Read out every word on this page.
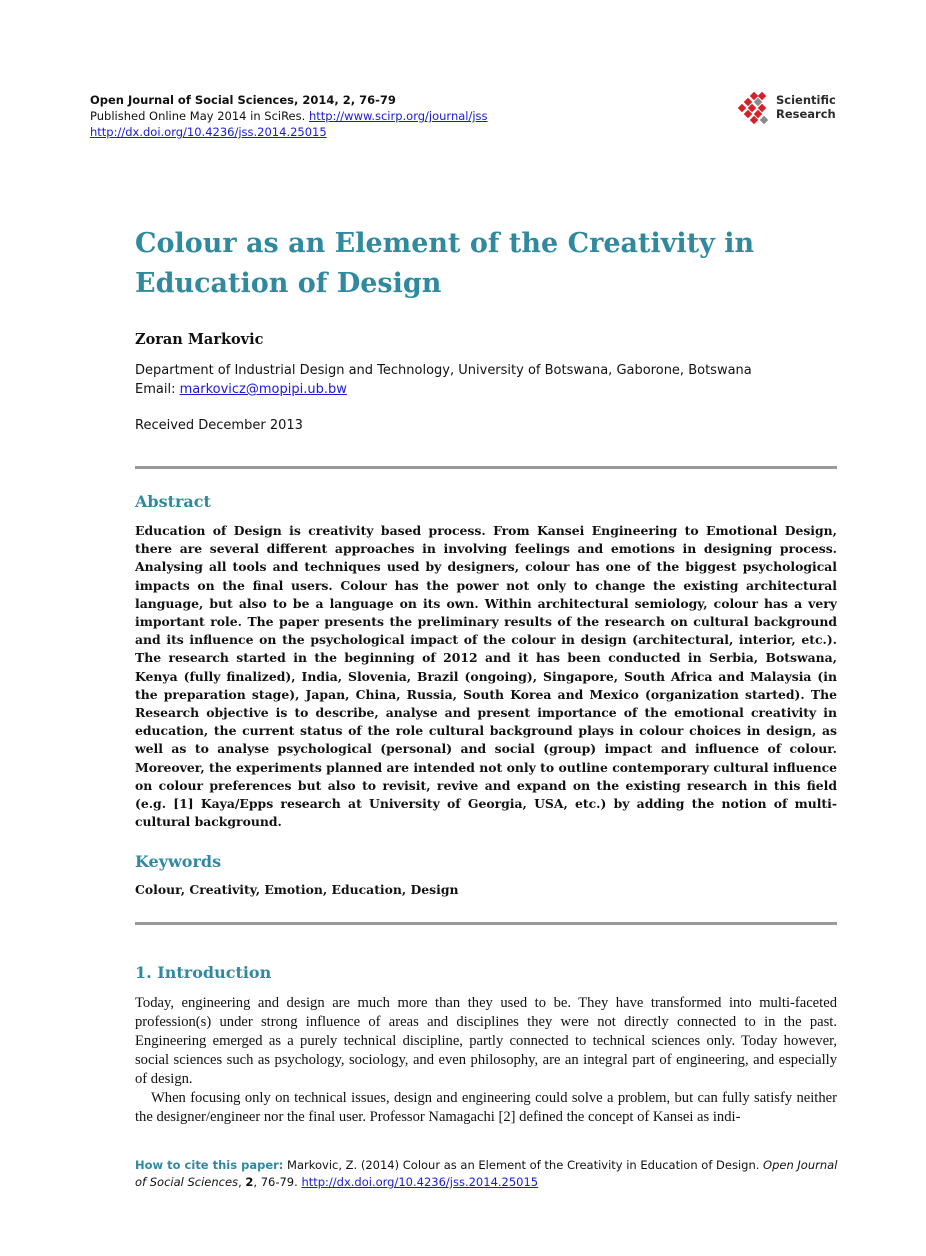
Open Journal of Social Sciences, 2014, 2, 76-79
Published Online May 2014 in SciRes. http://www.scirp.org/journal/jss
http://dx.doi.org/10.4236/jss.2014.25015
Scientific
Research
Colour as an Element of the Creativity in
Education of Design
Zoran Markovic
Department of Industrial Design and Technology, University of Botswana, Gaborone, Botswana
Email: markovicz@mopipi.ub.bw
Received December 2013
Abstract

Education of Design is creativity based process. From Kansei Engineering to Emotional Design, there are several different approaches in involving feelings and emotions in designing process. Analysing all tools and techniques used by designers, colour has one of the biggest psychological impacts on the final users. Colour has the power not only to change the existing architectural language, but also to be a language on its own. Within architectural semiology, colour has a very important role. The paper presents the preliminary results of the research on cultural background and its influence on the psychological impact of the colour in design (architectural, interior, etc.). The research started in the beginning of 2012 and it has been conducted in Serbia, Botswana, Kenya (fully finalized), India, Slovenia, Brazil (ongoing), Singapore, South Africa and Malaysia (in the preparation stage), Japan, China, Russia, South Korea and Mexico (organization started). The Research objective is to describe, analyse and present importance of the emotional creativity in education, the current status of the role cultural background plays in colour choices in design, as well as to analyse psychological (personal) and social (group) impact and influence of colour. Moreover, the experiments planned are intended not only to outline contemporary cultural influence on colour preferences but also to revisit, revive and expand on the existing research in this field (e.g. [1] Kaya/Epps research at University of Georgia, USA, etc.) by adding the notion of multi-cultural background.

Keywords
Colour, Creativity, Emotion, Education, Design
1. Introduction

Today, engineering and design are much more than they used to be. They have transformed into multi-faceted profession(s) under strong influence of areas and disciplines they were not directly connected to in the past. Engineering emerged as a purely technical discipline, partly connected to technical sciences only. Today however, social sciences such as psychology, sociology, and even philosophy, are an integral part of engineering, and especially of design.

When focusing only on technical issues, design and engineering could solve a problem, but can fully satisfy neither the designer/engineer nor the final user. Professor Namagachi [2] defined the concept of Kansei as indi-

How to cite this paper: Markovic, Z. (2014) Colour as an Element of the Creativity in Education of Design. Open Journal of Social Sciences, 2, 76-79. http://dx.doi.org/10.4236/jss.2014.25015
